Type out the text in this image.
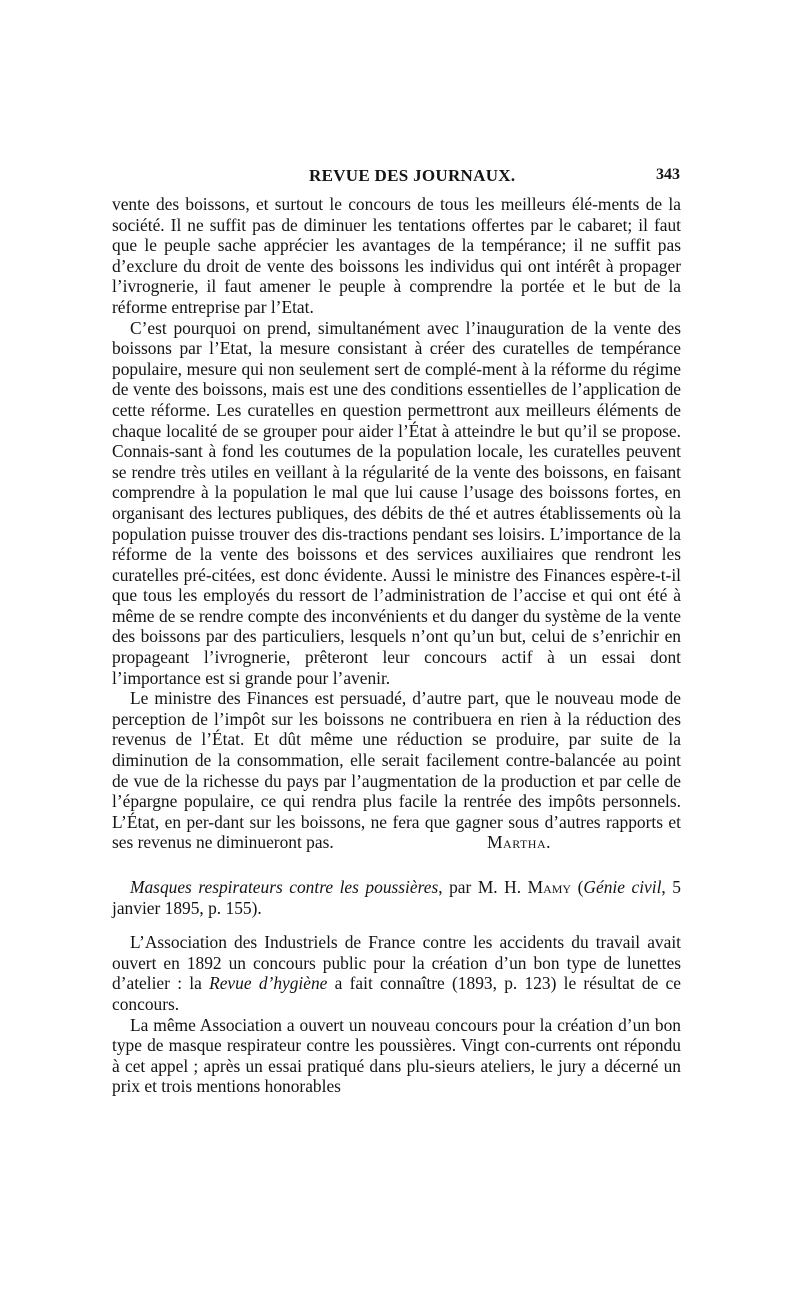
REVUE DES JOURNAUX.	343

vente des boissons, et surtout le concours de tous les meilleurs élé-ments de la société. Il ne suffit pas de diminuer les tentations offertes par le cabaret; il faut que le peuple sache apprécier les avantages de la tempérance; il ne suffit pas d’exclure du droit de vente des boissons les individus qui ont intérêt à propager l’ivrognerie, il faut amener le peuple à comprendre la portée et le but de la réforme entreprise par l’Etat.

C’est pourquoi on prend, simultanément avec l’inauguration de la vente des boissons par l’Etat, la mesure consistant à créer des curatelles de tempérance populaire, mesure qui non seulement sert de complé-ment à la réforme du régime de vente des boissons, mais est une des conditions essentielles de l’application de cette réforme. Les curatelles en question permettront aux meilleurs éléments de chaque localité de se grouper pour aider l’État à atteindre le but qu’il se propose. Connais-sant à fond les coutumes de la population locale, les curatelles peuvent se rendre très utiles en veillant à la régularité de la vente des boissons, en faisant comprendre à la population le mal que lui cause l’usage des boissons fortes, en organisant des lectures publiques, des débits de thé et autres établissements où la population puisse trouver des dis-tractions pendant ses loisirs. L’importance de la réforme de la vente des boissons et des services auxiliaires que rendront les curatelles pré-citées, est donc évidente. Aussi le ministre des Finances espère-t-il que tous les employés du ressort de l’administration de l’accise et qui ont été à même de se rendre compte des inconvénients et du danger du système de la vente des boissons par des particuliers, lesquels n’ont qu’un but, celui de s’enrichir en propageant l’ivrognerie, prêteront leur concours actif à un essai dont l’importance est si grande pour l’avenir.

Le ministre des Finances est persuadé, d’autre part, que le nouveau mode de perception de l’impôt sur les boissons ne contribuera en rien à la réduction des revenus de l’État. Et dût même une réduction se produire, par suite de la diminution de la consommation, elle serait facilement contre-balancée au point de vue de la richesse du pays par l’augmentation de la production et par celle de l’épargne populaire, ce qui rendra plus facile la rentrée des impôts personnels. L’État, en per-dant sur les boissons, ne fera que gagner sous d’autres rapports et ses revenus ne diminueront pas.	Martha.

Masques respirateurs contre les poussières, par M. H. Mamy (Génie civil, 5 janvier 1895, p. 155).

L’Association des Industriels de France contre les accidents du travail avait ouvert en 1892 un concours public pour la création d’un bon type de lunettes d’atelier : la Revue d’hygiène a fait connaître (1893, p. 123) le résultat de ce concours.

La même Association a ouvert un nouveau concours pour la création d’un bon type de masque respirateur contre les poussières. Vingt con-currents ont répondu à cet appel ; après un essai pratiqué dans plu-sieurs ateliers, le jury a décerné un prix et trois mentions honorables
